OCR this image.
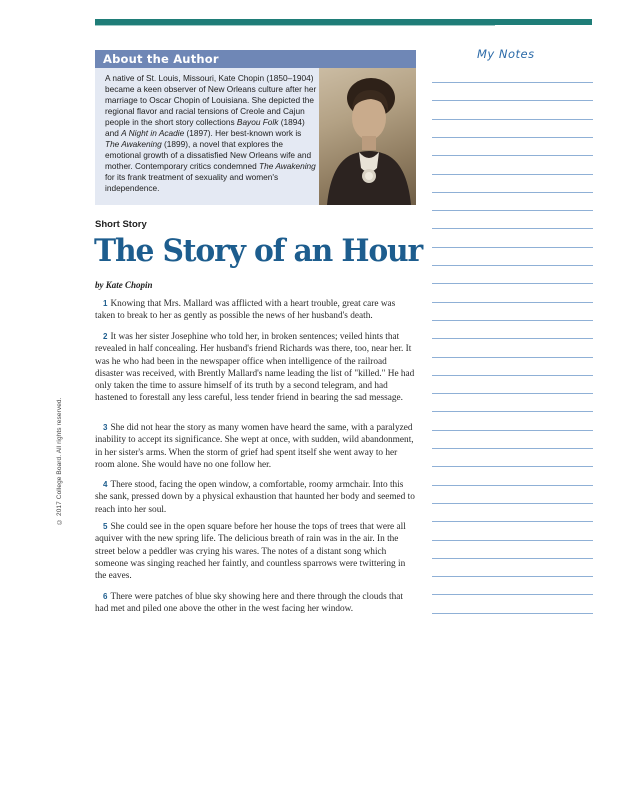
© 2017 College Board. All rights reserved.
About the Author
A native of St. Louis, Missouri, Kate Chopin (1850–1904) became a keen observer of New Orleans culture after her marriage to Oscar Chopin of Louisiana. She depicted the regional flavor and racial tensions of Creole and Cajun people in the short story collections Bayou Folk (1894) and A Night in Acadie (1897). Her best-known work is The Awakening (1899), a novel that explores the emotional growth of a dissatisfied New Orleans wife and mother. Contemporary critics condemned The Awakening for its frank treatment of sexuality and women's independence.
My Notes
Short Story
The Story of an Hour
by Kate Chopin
1 Knowing that Mrs. Mallard was afflicted with a heart trouble, great care was taken to break to her as gently as possible the news of her husband's death.
2 It was her sister Josephine who told her, in broken sentences; veiled hints that revealed in half concealing. Her husband's friend Richards was there, too, near her. It was he who had been in the newspaper office when intelligence of the railroad disaster was received, with Brently Mallard's name leading the list of "killed." He had only taken the time to assure himself of its truth by a second telegram, and had hastened to forestall any less careful, less tender friend in bearing the sad message.
3 She did not hear the story as many women have heard the same, with a paralyzed inability to accept its significance. She wept at once, with sudden, wild abandonment, in her sister's arms. When the storm of grief had spent itself she went away to her room alone. She would have no one follow her.
4 There stood, facing the open window, a comfortable, roomy armchair. Into this she sank, pressed down by a physical exhaustion that haunted her body and seemed to reach into her soul.
5 She could see in the open square before her house the tops of trees that were all aquiver with the new spring life. The delicious breath of rain was in the air. In the street below a peddler was crying his wares. The notes of a distant song which someone was singing reached her faintly, and countless sparrows were twittering in the eaves.
6 There were patches of blue sky showing here and there through the clouds that had met and piled one above the other in the west facing her window.
